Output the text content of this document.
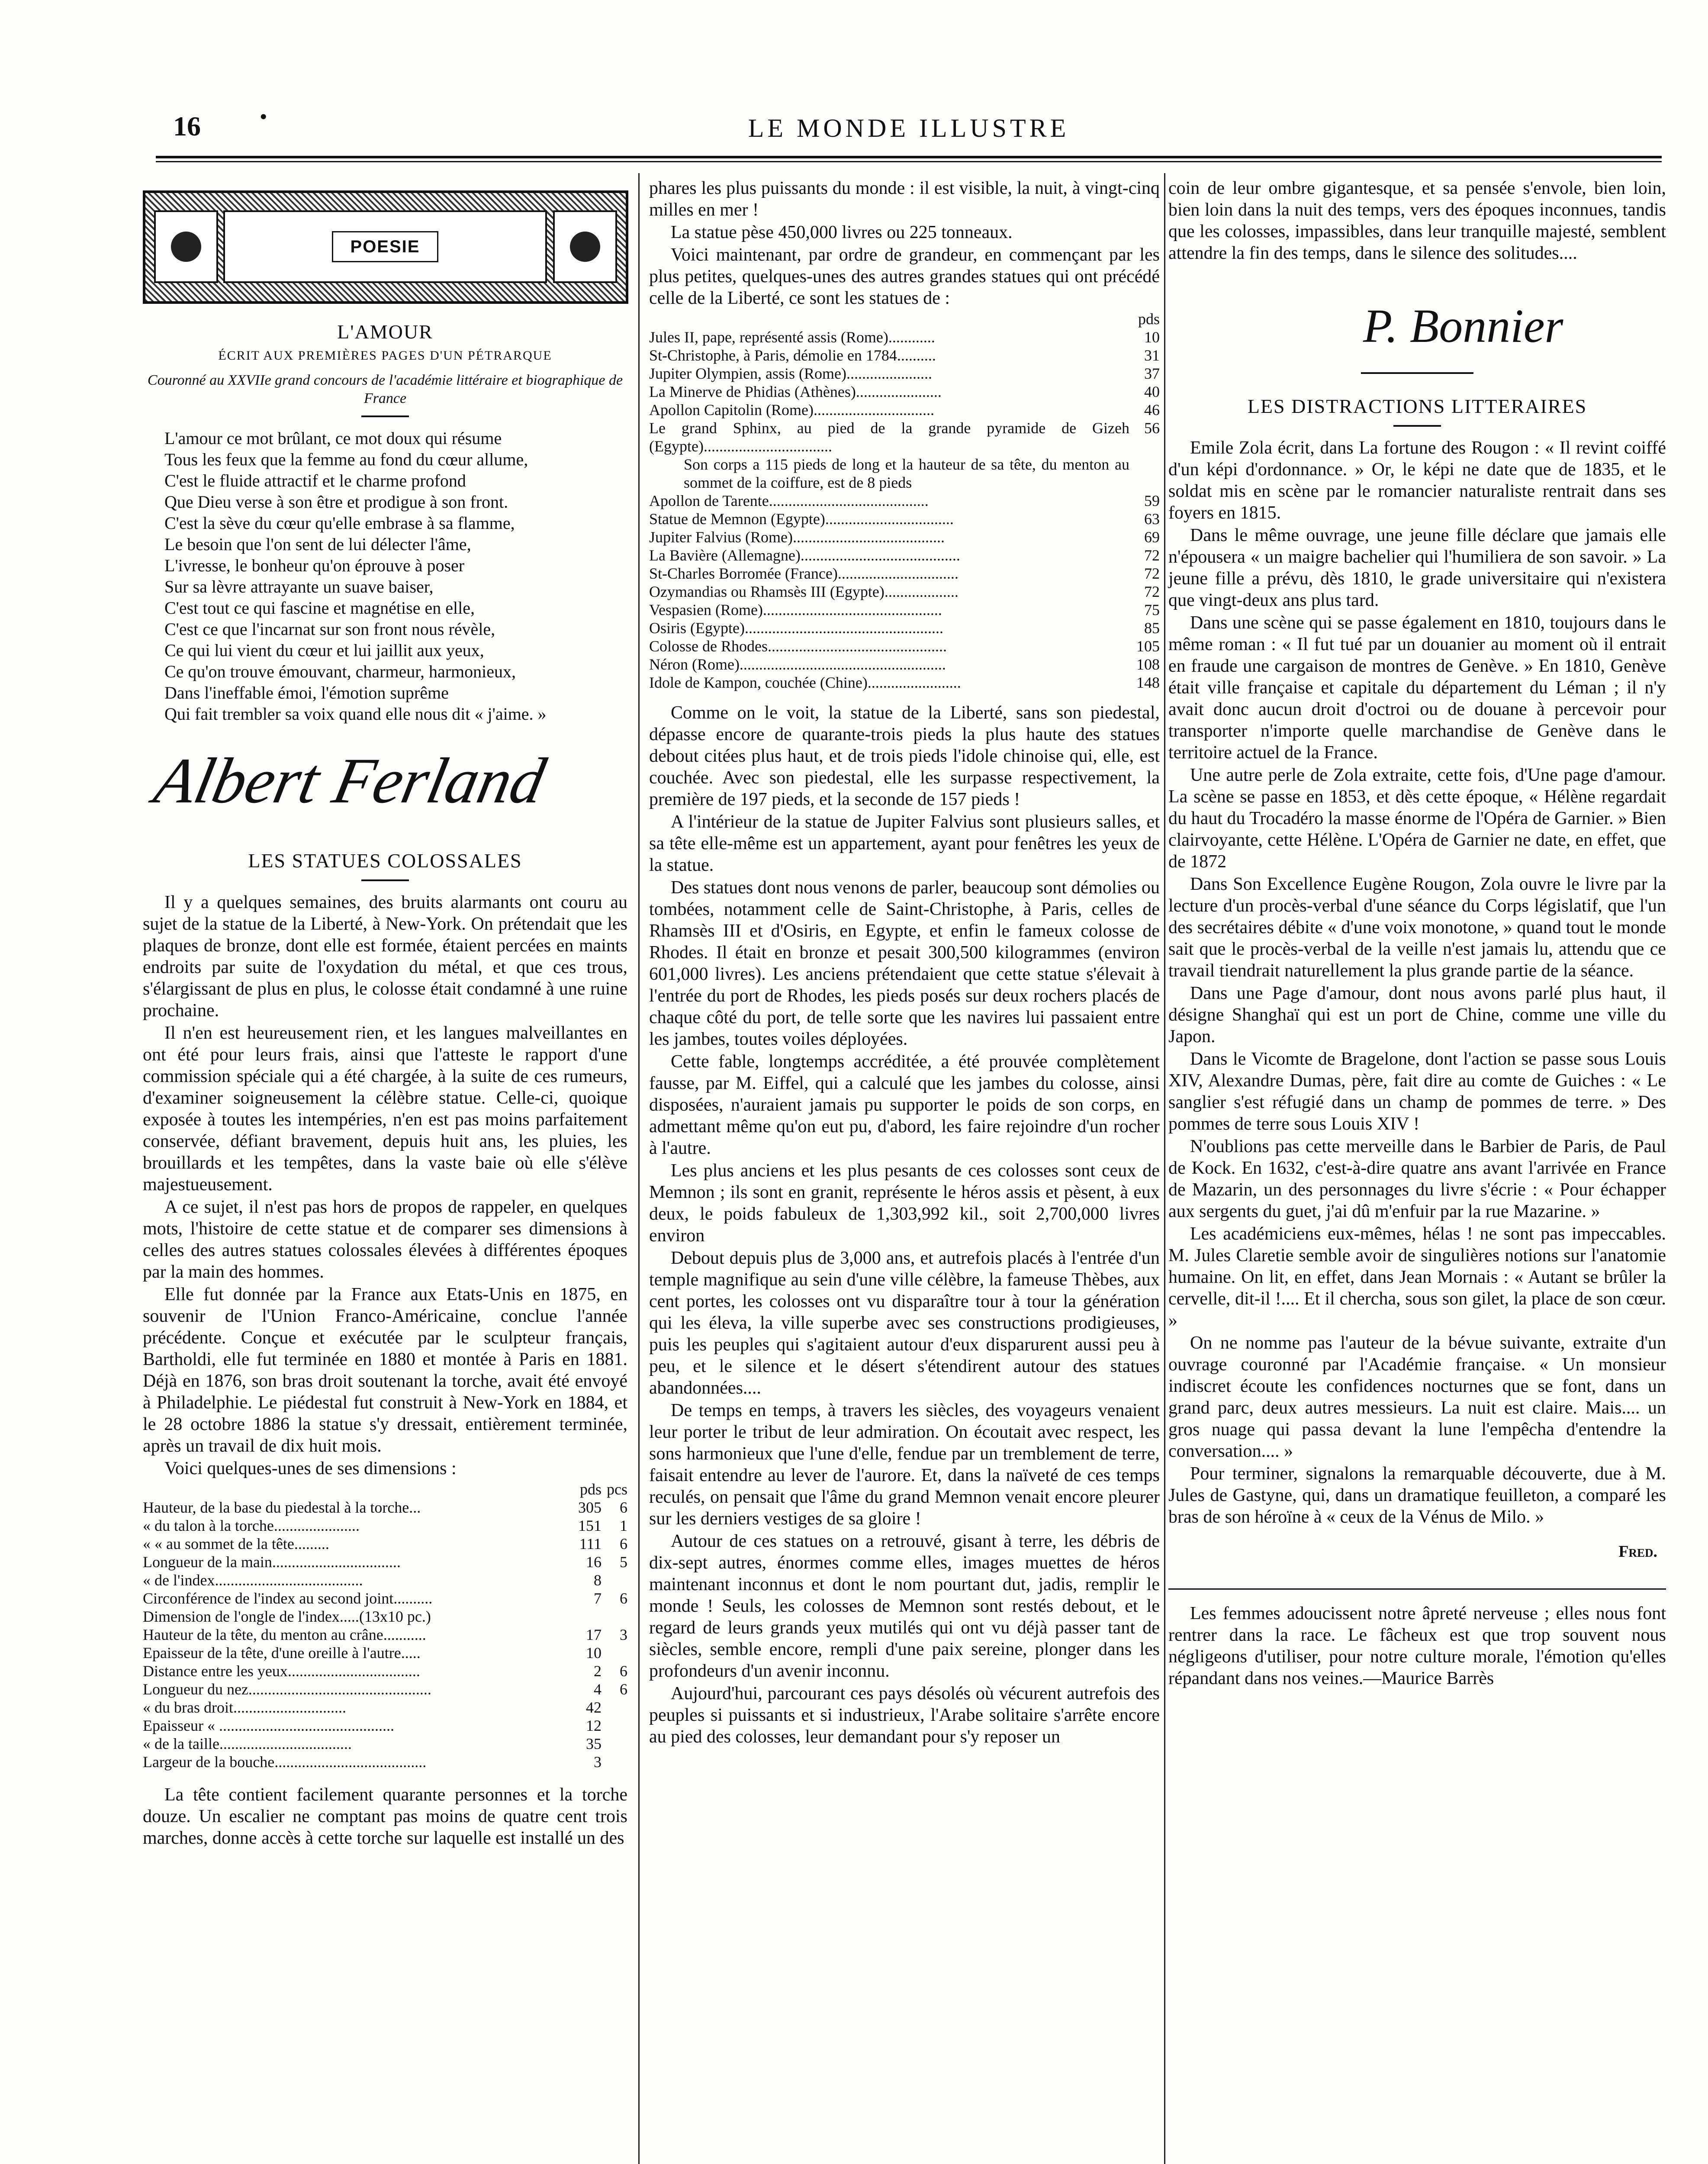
16	•	LE MONDE ILLUSTRE
POESIE
L'AMOUR
ÉCRIT AUX PREMIÈRES PAGES D'UN PÉTRARQUE
Couronné au XXVIIe grand concours de l'académie littéraire et biographique de France
L'amour ce mot brûlant, ce mot doux qui résume
Tous les feux que la femme au fond du cœur allume,
C'est le fluide attractif et le charme profond
Que Dieu verse à son être et prodigue à son front.
C'est la sève du cœur qu'elle embrase à sa flamme,
Le besoin que l'on sent de lui délecter l'âme,
L'ivresse, le bonheur qu'on éprouve à poser
Sur sa lèvre attrayante un suave baiser,
C'est tout ce qui fascine et magnétise en elle,
C'est ce que l'incarnat sur son front nous révèle,
Ce qui lui vient du cœur et lui jaillit aux yeux,
Ce qu'on trouve émouvant, charmeur, harmonieux,
Dans l'ineffable émoi, l'émotion suprême
Qui fait trembler sa voix quand elle nous dit « j'aime. »
Albert Ferland
LES STATUES COLOSSALES

Il y a quelques semaines, des bruits alarmants ont couru au sujet de la statue de la Liberté, à New-York. On prétendait que les plaques de bronze, dont elle est formée, étaient percées en maints endroits par suite de l'oxydation du métal, et que ces trous, s'élargissant de plus en plus, le colosse était condamné à une ruine prochaine.

Il n'en est heureusement rien, et les langues malveillantes en ont été pour leurs frais, ainsi que l'atteste le rapport d'une commission spéciale qui a été chargée, à la suite de ces rumeurs, d'examiner soigneusement la célèbre statue. Celle-ci, quoique exposée à toutes les intempéries, n'en est pas moins parfaitement conservée, défiant bravement, depuis huit ans, les pluies, les brouillards et les tempêtes, dans la vaste baie où elle s'élève majestueusement.

A ce sujet, il n'est pas hors de propos de rappeler, en quelques mots, l'histoire de cette statue et de comparer ses dimensions à celles des autres statues colossales élevées à différentes époques par la main des hommes.

Elle fut donnée par la France aux Etats-Unis en 1875, en souvenir de l'Union Franco-Américaine, conclue l'année précédente. Conçue et exécutée par le sculpteur français, Bartholdi, elle fut terminée en 1880 et montée à Paris en 1881. Déjà en 1876, son bras droit soutenant la torche, avait été envoyé à Philadelphie. Le piédestal fut construit à New-York en 1884, et le 28 octobre 1886 la statue s'y dressait, entièrement terminée, après un travail de dix huit mois.

Voici quelques-unes de ses dimensions :

	pds	pcs
Hauteur, de la base du piedestal à la torche...	305	6
« du talon à la torche......................	151	1
« « au sommet de la tête.........	111	6
Longueur de la main.................................	16	5
« de l'index......................................	8	
Circonférence de l'index au second joint..........	7	6
Dimension de l'ongle de l'index.....(13x10 pc.)		
Hauteur de la tête, du menton au crâne...........	17	3
Epaisseur de la tête, d'une oreille à l'autre.....	10	
Distance entre les yeux..................................	2	6
Longueur du nez...............................................	4	6
« du bras droit.............................	42	
Epaisseur « .............................................	12	
« de la taille..................................	35	
Largeur de la bouche.......................................	3	

La tête contient facilement quarante personnes et la torche douze. Un escalier ne comptant pas moins de quatre cent trois marches, donne accès à cette torche sur laquelle est installé un des

phares les plus puissants du monde : il est visible, la nuit, à vingt-cinq milles en mer !

La statue pèse 450,000 livres ou 225 tonneaux.

Voici maintenant, par ordre de grandeur, en commençant par les plus petites, quelques-unes des autres grandes statues qui ont précédé celle de la Liberté, ce sont les statues de :

	pds
Jules II, pape, représenté assis (Rome)............	10
St-Christophe, à Paris, démolie en 1784..........	31
Jupiter Olympien, assis (Rome)......................	37
La Minerve de Phidias (Athènes)......................	40
Apollon Capitolin (Rome)...............................	46
Le grand Sphinx, au pied de la grande pyramide de Gizeh (Egypte).................................	56
Son corps a 115 pieds de long et la hauteur de sa tête, du menton au sommet de la coiffure, est de 8 pieds	
Apollon de Tarente.........................................	59
Statue de Memnon (Egypte).................................	63
Jupiter Falvius (Rome).......................................	69
La Bavière (Allemagne).........................................	72
St-Charles Borromée (France)...............................	72
Ozymandias ou Rhamsès III (Egypte)...................	72
Vespasien (Rome)..............................................	75
Osiris (Egypte)...................................................	85
Colosse de Rhodes..............................................	105
Néron (Rome).....................................................	108
Idole de Kampon, couchée (Chine)........................	148

Comme on le voit, la statue de la Liberté, sans son piedestal, dépasse encore de quarante-trois pieds la plus haute des statues debout citées plus haut, et de trois pieds l'idole chinoise qui, elle, est couchée. Avec son piedestal, elle les surpasse respectivement, la première de 197 pieds, et la seconde de 157 pieds !

A l'intérieur de la statue de Jupiter Falvius sont plusieurs salles, et sa tête elle-même est un appartement, ayant pour fenêtres les yeux de la statue.

Des statues dont nous venons de parler, beaucoup sont démolies ou tombées, notamment celle de Saint-Christophe, à Paris, celles de Rhamsès III et d'Osiris, en Egypte, et enfin le fameux colosse de Rhodes. Il était en bronze et pesait 300,500 kilogrammes (environ 601,000 livres). Les anciens prétendaient que cette statue s'élevait à l'entrée du port de Rhodes, les pieds posés sur deux rochers placés de chaque côté du port, de telle sorte que les navires lui passaient entre les jambes, toutes voiles déployées.

Cette fable, longtemps accréditée, a été prouvée complètement fausse, par M. Eiffel, qui a calculé que les jambes du colosse, ainsi disposées, n'auraient jamais pu supporter le poids de son corps, en admettant même qu'on eut pu, d'abord, les faire rejoindre d'un rocher à l'autre.

Les plus anciens et les plus pesants de ces colosses sont ceux de Memnon ; ils sont en granit, représente le héros assis et pèsent, à eux deux, le poids fabuleux de 1,303,992 kil., soit 2,700,000 livres environ

Debout depuis plus de 3,000 ans, et autrefois placés à l'entrée d'un temple magnifique au sein d'une ville célèbre, la fameuse Thèbes, aux cent portes, les colosses ont vu disparaître tour à tour la génération qui les éleva, la ville superbe avec ses constructions prodigieuses, puis les peuples qui s'agitaient autour d'eux disparurent aussi peu à peu, et le silence et le désert s'étendirent autour des statues abandonnées....

De temps en temps, à travers les siècles, des voyageurs venaient leur porter le tribut de leur admiration. On écoutait avec respect, les sons harmonieux que l'une d'elle, fendue par un tremblement de terre, faisait entendre au lever de l'aurore. Et, dans la naïveté de ces temps reculés, on pensait que l'âme du grand Memnon venait encore pleurer sur les derniers vestiges de sa gloire !

Autour de ces statues on a retrouvé, gisant à terre, les débris de dix-sept autres, énormes comme elles, images muettes de héros maintenant inconnus et dont le nom pourtant dut, jadis, remplir le monde ! Seuls, les colosses de Memnon sont restés debout, et le regard de leurs grands yeux mutilés qui ont vu déjà passer tant de siècles, semble encore, rempli d'une paix sereine, plonger dans les profondeurs d'un avenir inconnu.

Aujourd'hui, parcourant ces pays désolés où vécurent autrefois des peuples si puissants et si industrieux, l'Arabe solitaire s'arrête encore au pied des colosses, leur demandant pour s'y reposer un

coin de leur ombre gigantesque, et sa pensée s'envole, bien loin, bien loin dans la nuit des temps, vers des époques inconnues, tandis que les colosses, impassibles, dans leur tranquille majesté, semblent attendre la fin des temps, dans le silence des solitudes....

P. Bonnier
LES DISTRACTIONS LITTERAIRES

Emile Zola écrit, dans La fortune des Rougon : « Il revint coiffé d'un képi d'ordonnance. » Or, le képi ne date que de 1835, et le soldat mis en scène par le romancier naturaliste rentrait dans ses foyers en 1815.

Dans le même ouvrage, une jeune fille déclare que jamais elle n'épousera « un maigre bachelier qui l'humiliera de son savoir. » La jeune fille a prévu, dès 1810, le grade universitaire qui n'existera que vingt-deux ans plus tard.

Dans une scène qui se passe également en 1810, toujours dans le même roman : « Il fut tué par un douanier au moment où il entrait en fraude une cargaison de montres de Genève. » En 1810, Genève était ville française et capitale du département du Léman ; il n'y avait donc aucun droit d'octroi ou de douane à percevoir pour transporter n'importe quelle marchandise de Genève dans le territoire actuel de la France.

Une autre perle de Zola extraite, cette fois, d'Une page d'amour. La scène se passe en 1853, et dès cette époque, « Hélène regardait du haut du Trocadéro la masse énorme de l'Opéra de Garnier. » Bien clairvoyante, cette Hélène. L'Opéra de Garnier ne date, en effet, que de 1872

Dans Son Excellence Eugène Rougon, Zola ouvre le livre par la lecture d'un procès-verbal d'une séance du Corps législatif, que l'un des secrétaires débite « d'une voix monotone, » quand tout le monde sait que le procès-verbal de la veille n'est jamais lu, attendu que ce travail tiendrait naturellement la plus grande partie de la séance.

Dans une Page d'amour, dont nous avons parlé plus haut, il désigne Shanghaï qui est un port de Chine, comme une ville du Japon.

Dans le Vicomte de Bragelone, dont l'action se passe sous Louis XIV, Alexandre Dumas, père, fait dire au comte de Guiches : « Le sanglier s'est réfugié dans un champ de pommes de terre. » Des pommes de terre sous Louis XIV !

N'oublions pas cette merveille dans le Barbier de Paris, de Paul de Kock. En 1632, c'est-à-dire quatre ans avant l'arrivée en France de Mazarin, un des personnages du livre s'écrie : « Pour échapper aux sergents du guet, j'ai dû m'enfuir par la rue Mazarine. »

Les académiciens eux-mêmes, hélas ! ne sont pas impeccables. M. Jules Claretie semble avoir de singulières notions sur l'anatomie humaine. On lit, en effet, dans Jean Mornais : « Autant se brûler la cervelle, dit-il !.... Et il chercha, sous son gilet, la place de son cœur. »

On ne nomme pas l'auteur de la bévue suivante, extraite d'un ouvrage couronné par l'Académie française. « Un monsieur indiscret écoute les confidences nocturnes que se font, dans un grand parc, deux autres messieurs. La nuit est claire. Mais.... un gros nuage qui passa devant la lune l'empêcha d'entendre la conversation.... »

Pour terminer, signalons la remarquable découverte, due à M. Jules de Gastyne, qui, dans un dramatique feuilleton, a comparé les bras de son héroïne à « ceux de la Vénus de Milo. »

Fred.

Les femmes adoucissent notre âpreté nerveuse ; elles nous font rentrer dans la race. Le fâcheux est que trop souvent nous négligeons d'utiliser, pour notre culture morale, l'émotion qu'elles répandant dans nos veines.—Maurice Barrès
